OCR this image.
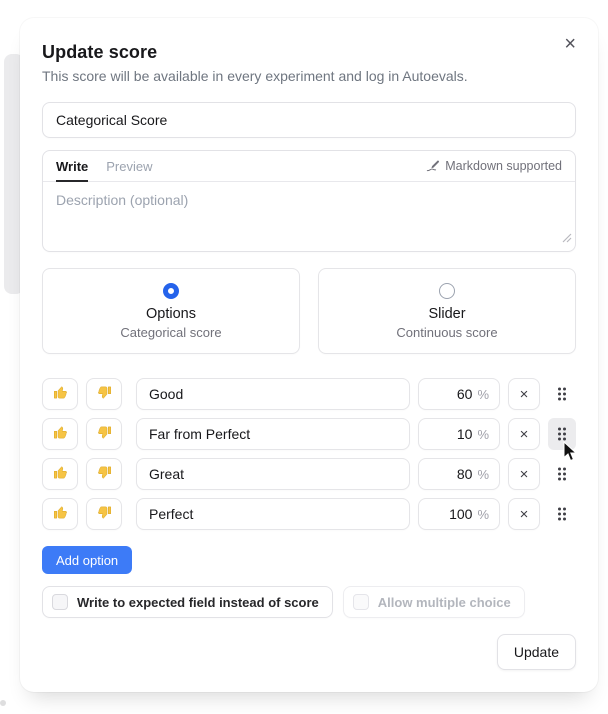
×
Update score
This score will be available in every experiment and log in Autoevals.
Categorical Score
Write Preview	Markdown supported
Description (optional)
Options
Categorical score
Slider
Continuous score
Good
60 %	×
Far from Perfect
10 %	×
Great
80 %	×
Perfect
100 %	×
Add option
Write to expected field instead of score	Allow multiple choice
Update
